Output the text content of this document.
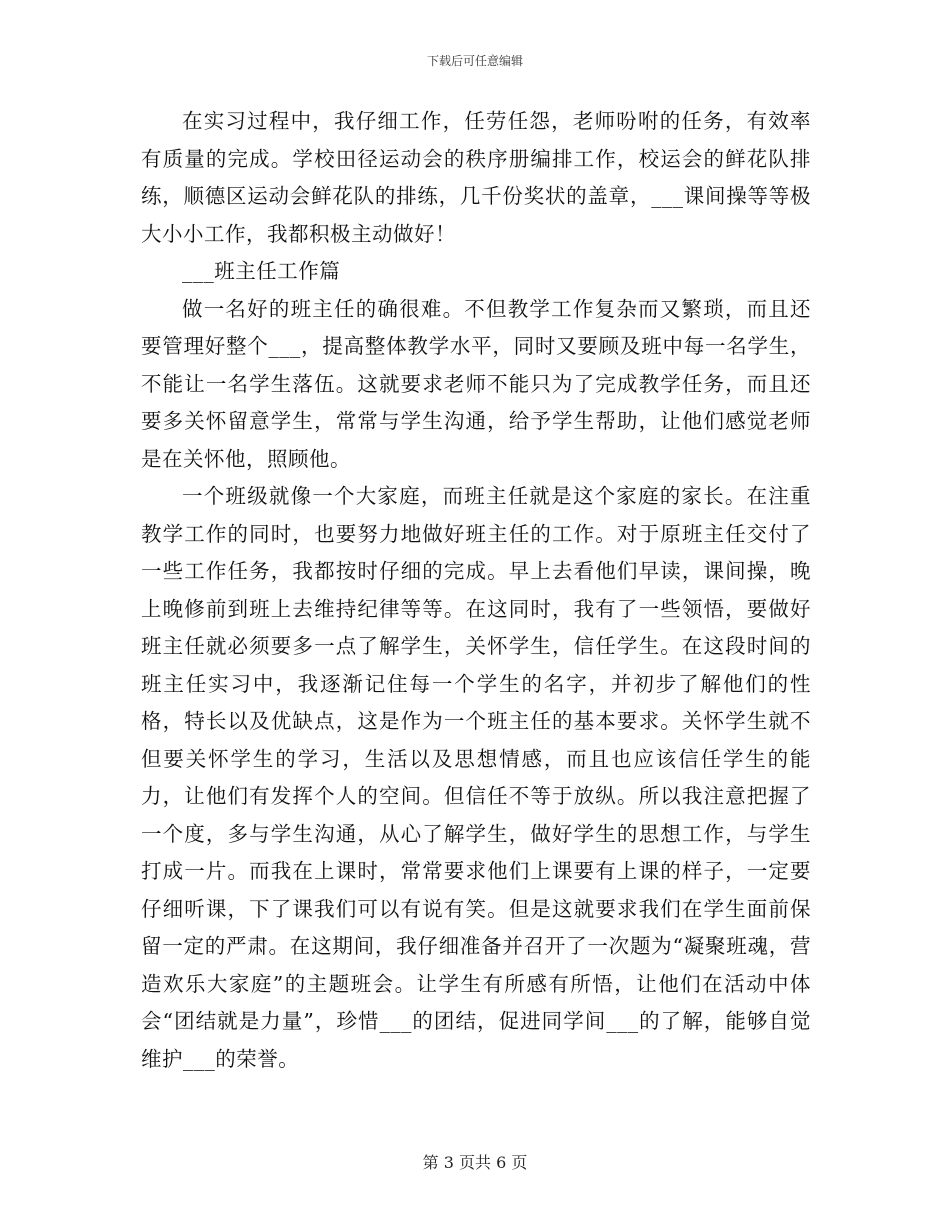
下载后可任意编辑

在实习过程中，我仔细工作，任劳任怨，老师吩咐的任务，有效率有质量的完成。学校田径运动会的秩序册编排工作，校运会的鲜花队排练，顺德区运动会鲜花队的排练，几千份奖状的盖章，___课间操等等极大小小工作，我都积极主动做好！

___班主任工作篇

做一名好的班主任的确很难。不但教学工作复杂而又繁琐，而且还要管理好整个___，提高整体教学水平，同时又要顾及班中每一名学生，不能让一名学生落伍。这就要求老师不能只为了完成教学任务，而且还要多关怀留意学生，常常与学生沟通，给予学生帮助，让他们感觉老师是在关怀他，照顾他。

一个班级就像一个大家庭，而班主任就是这个家庭的家长。在注重教学工作的同时，也要努力地做好班主任的工作。对于原班主任交付了一些工作任务，我都按时仔细的完成。早上去看他们早读，课间操，晚上晚修前到班上去维持纪律等等。在这同时，我有了一些领悟，要做好班主任就必须要多一点了解学生，关怀学生，信任学生。在这段时间的班主任实习中，我逐渐记住每一个学生的名字，并初步了解他们的性格，特长以及优缺点，这是作为一个班主任的基本要求。关怀学生就不但要关怀学生的学习，生活以及思想情感，而且也应该信任学生的能力，让他们有发挥个人的空间。但信任不等于放纵。所以我注意把握了一个度，多与学生沟通，从心了解学生，做好学生的思想工作，与学生打成一片。而我在上课时，常常要求他们上课要有上课的样子，一定要仔细听课，下了课我们可以有说有笑。但是这就要求我们在学生面前保留一定的严肃。在这期间，我仔细准备并召开了一次题为“凝聚班魂，营造欢乐大家庭”的主题班会。让学生有所感有所悟，让他们在活动中体会“团结就是力量”，珍惜___的团结，促进同学间___的了解，能够自觉维护___的荣誉。

第 3 页共 6 页
